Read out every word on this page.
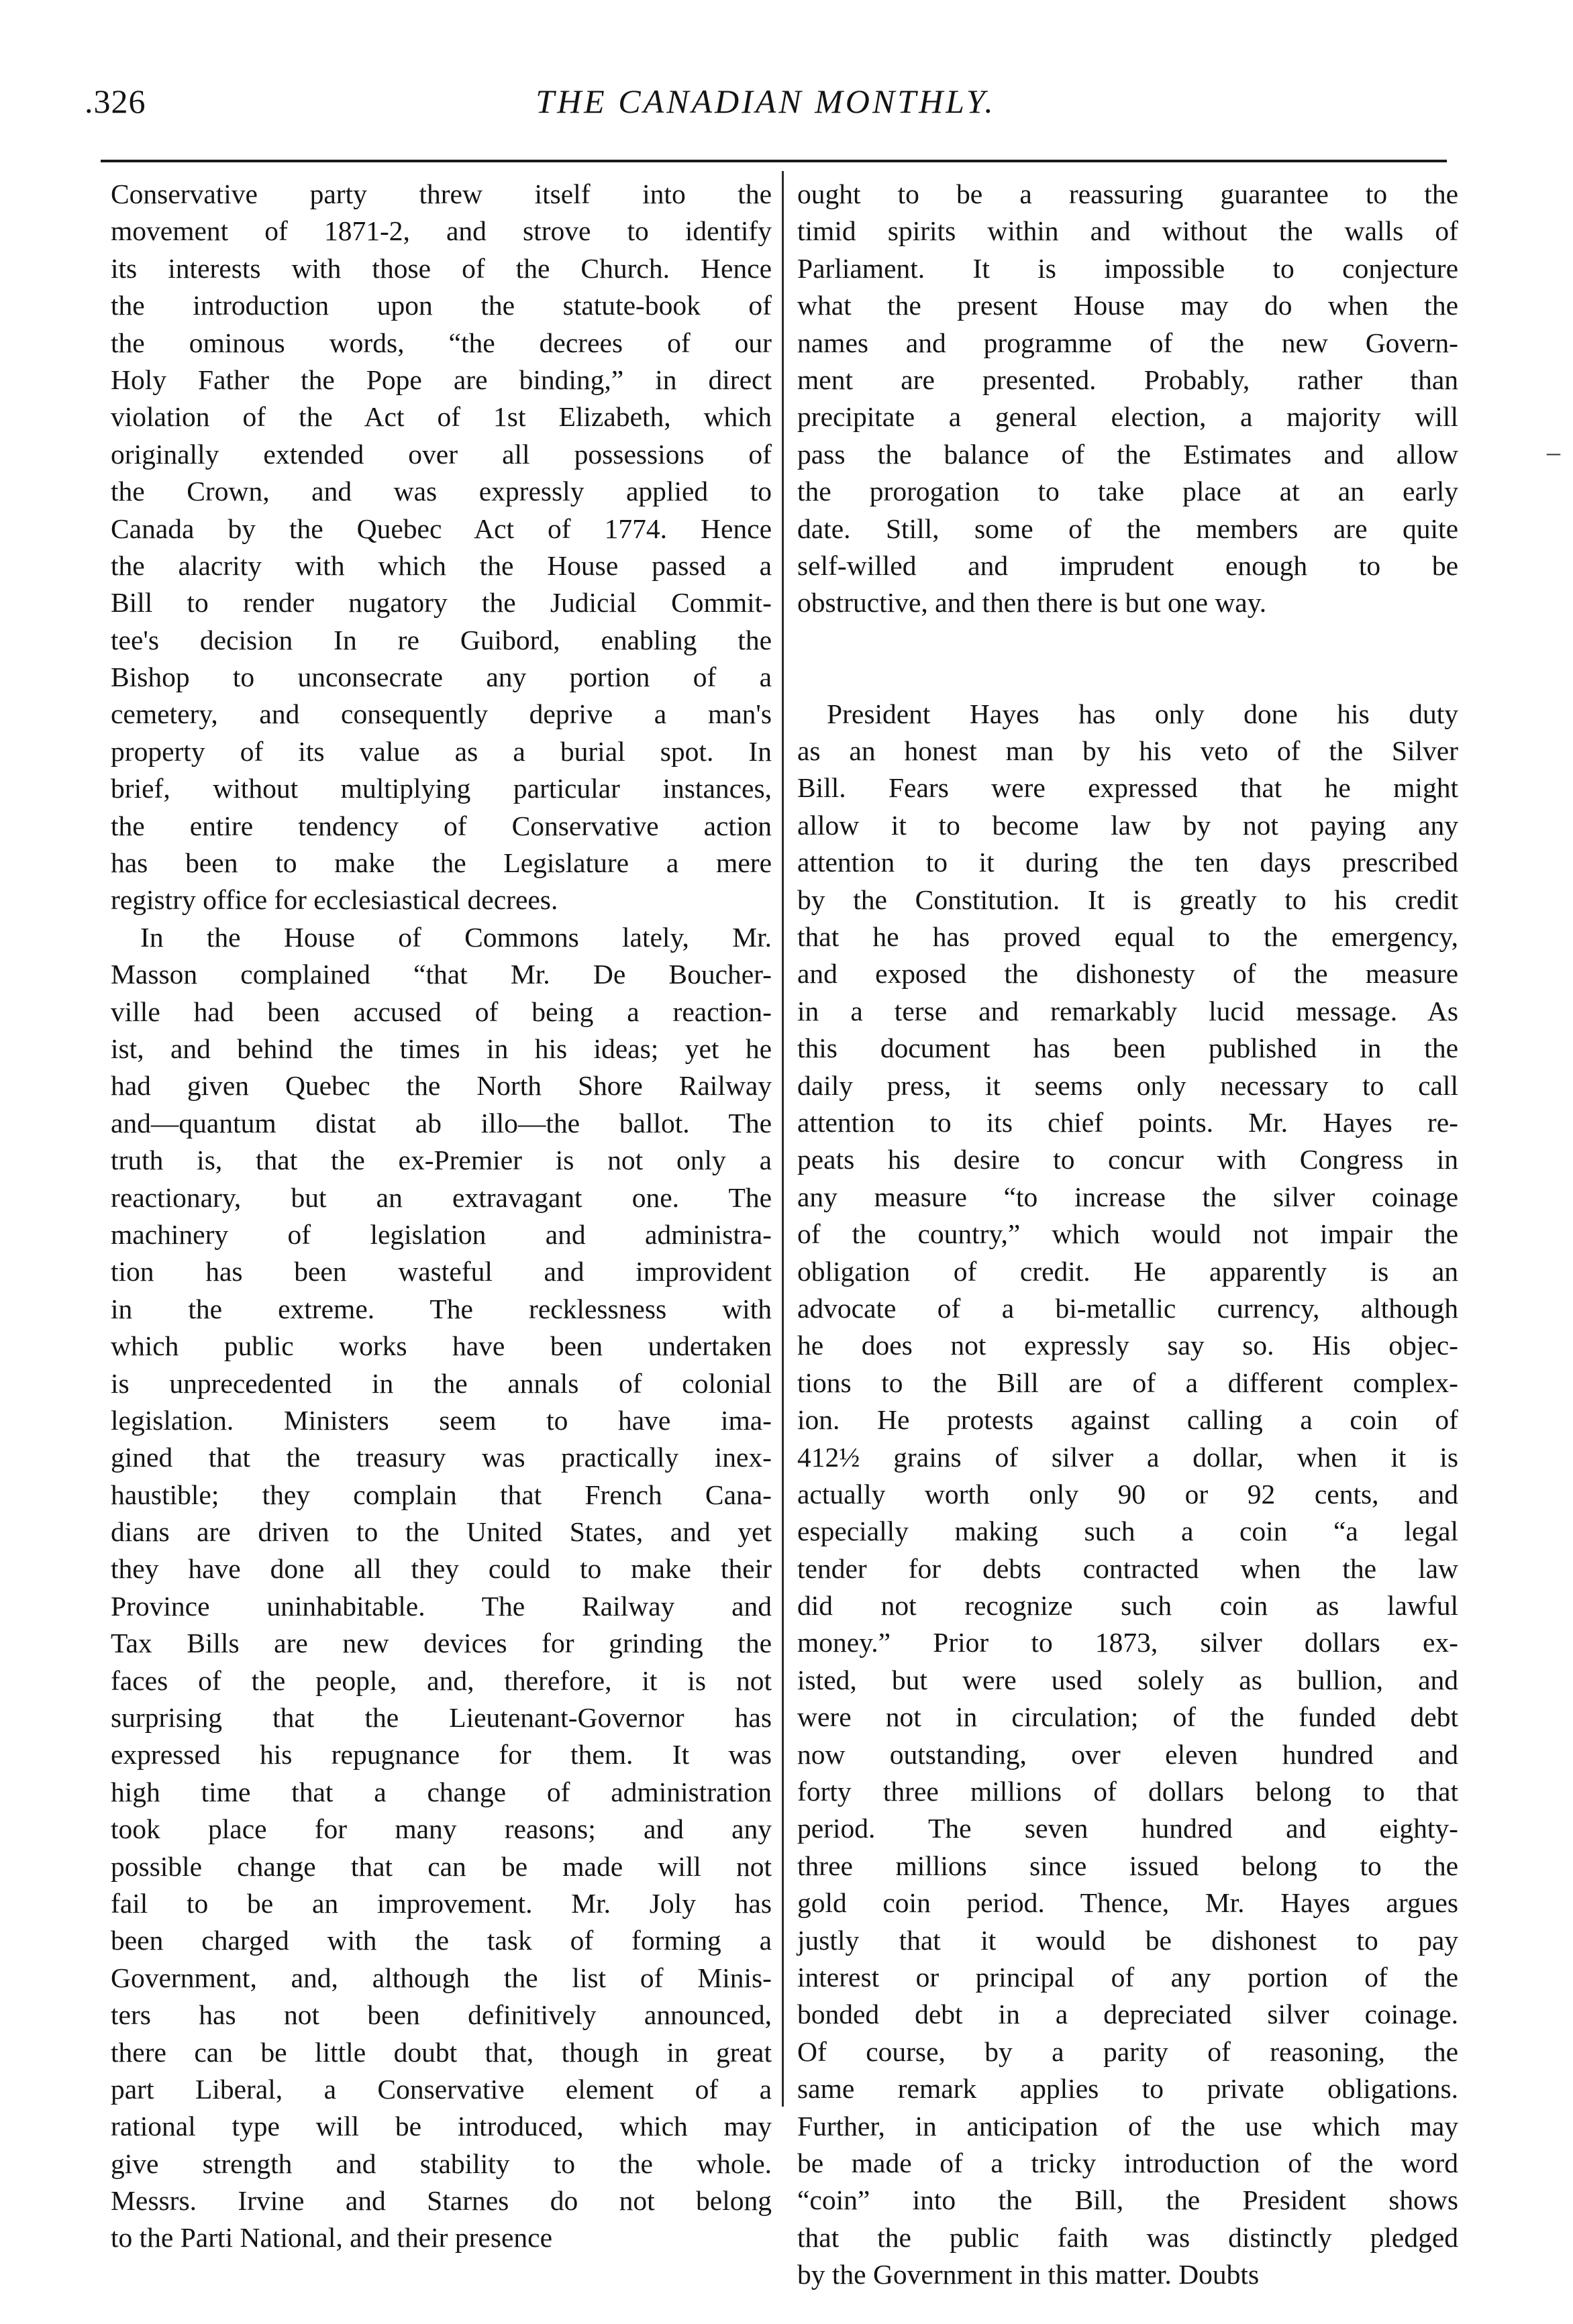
.326	THE CANADIAN MONTHLY.
Conservative party threw itself into the
movement of 1871-2, and strove to identify
its interests with those of the Church. Hence
the introduction upon the statute-book of
the ominous words, “the decrees of our
Holy Father the Pope are binding,” in direct
violation of the Act of 1st Elizabeth, which
originally extended over all possessions of
the Crown, and was expressly applied to
Canada by the Quebec Act of 1774. Hence
the alacrity with which the House passed a
Bill to render nugatory the Judicial Commit-
tee's decision In re Guibord, enabling the
Bishop to unconsecrate any portion of a
cemetery, and consequently deprive a man's
property of its value as a burial spot. In
brief, without multiplying particular instances,
the entire tendency of Conservative action
has been to make the Legislature a mere
registry office for ecclesiastical decrees.
In the House of Commons lately, Mr.
Masson complained “that Mr. De Boucher-
ville had been accused of being a reaction-
ist, and behind the times in his ideas; yet he
had given Quebec the North Shore Railway
and—quantum distat ab illo—the ballot. The
truth is, that the ex-Premier is not only a
reactionary, but an extravagant one. The
machinery of legislation and administra-
tion has been wasteful and improvident
in the extreme. The recklessness with
which public works have been undertaken
is unprecedented in the annals of colonial
legislation. Ministers seem to have ima-
gined that the treasury was practically inex-
haustible; they complain that French Cana-
dians are driven to the United States, and yet
they have done all they could to make their
Province uninhabitable. The Railway and
Tax Bills are new devices for grinding the
faces of the people, and, therefore, it is not
surprising that the Lieutenant-Governor has
expressed his repugnance for them. It was
high time that a change of administration
took place for many reasons; and any
possible change that can be made will not
fail to be an improvement. Mr. Joly has
been charged with the task of forming a
Government, and, although the list of Minis-
ters has not been definitively announced,
there can be little doubt that, though in great
part Liberal, a Conservative element of a
rational type will be introduced, which may
give strength and stability to the whole.
Messrs. Irvine and Starnes do not belong
to the Parti National, and their presence
ought to be a reassuring guarantee to the
timid spirits within and without the walls of
Parliament. It is impossible to conjecture
what the present House may do when the
names and programme of the new Govern-
ment are presented. Probably, rather than
precipitate a general election, a majority will
pass the balance of the Estimates and allow
the prorogation to take place at an early
date. Still, some of the members are quite
self-willed and imprudent enough to be
obstructive, and then there is but one way.
President Hayes has only done his duty
as an honest man by his veto of the Silver
Bill. Fears were expressed that he might
allow it to become law by not paying any
attention to it during the ten days prescribed
by the Constitution. It is greatly to his credit
that he has proved equal to the emergency,
and exposed the dishonesty of the measure
in a terse and remarkably lucid message. As
this document has been published in the
daily press, it seems only necessary to call
attention to its chief points. Mr. Hayes re-
peats his desire to concur with Congress in
any measure “to increase the silver coinage
of the country,” which would not impair the
obligation of credit. He apparently is an
advocate of a bi-metallic currency, although
he does not expressly say so. His objec-
tions to the Bill are of a different complex-
ion. He protests against calling a coin of
412½ grains of silver a dollar, when it is
actually worth only 90 or 92 cents, and
especially making such a coin “a legal
tender for debts contracted when the law
did not recognize such coin as lawful
money.” Prior to 1873, silver dollars ex-
isted, but were used solely as bullion, and
were not in circulation; of the funded debt
now outstanding, over eleven hundred and
forty three millions of dollars belong to that
period. The seven hundred and eighty-
three millions since issued belong to the
gold coin period. Thence, Mr. Hayes argues
justly that it would be dishonest to pay
interest or principal of any portion of the
bonded debt in a depreciated silver coinage.
Of course, by a parity of reasoning, the
same remark applies to private obligations.
Further, in anticipation of the use which may
be made of a tricky introduction of the word
“coin” into the Bill, the President shows
that the public faith was distinctly pledged
by the Government in this matter. Doubts
–
